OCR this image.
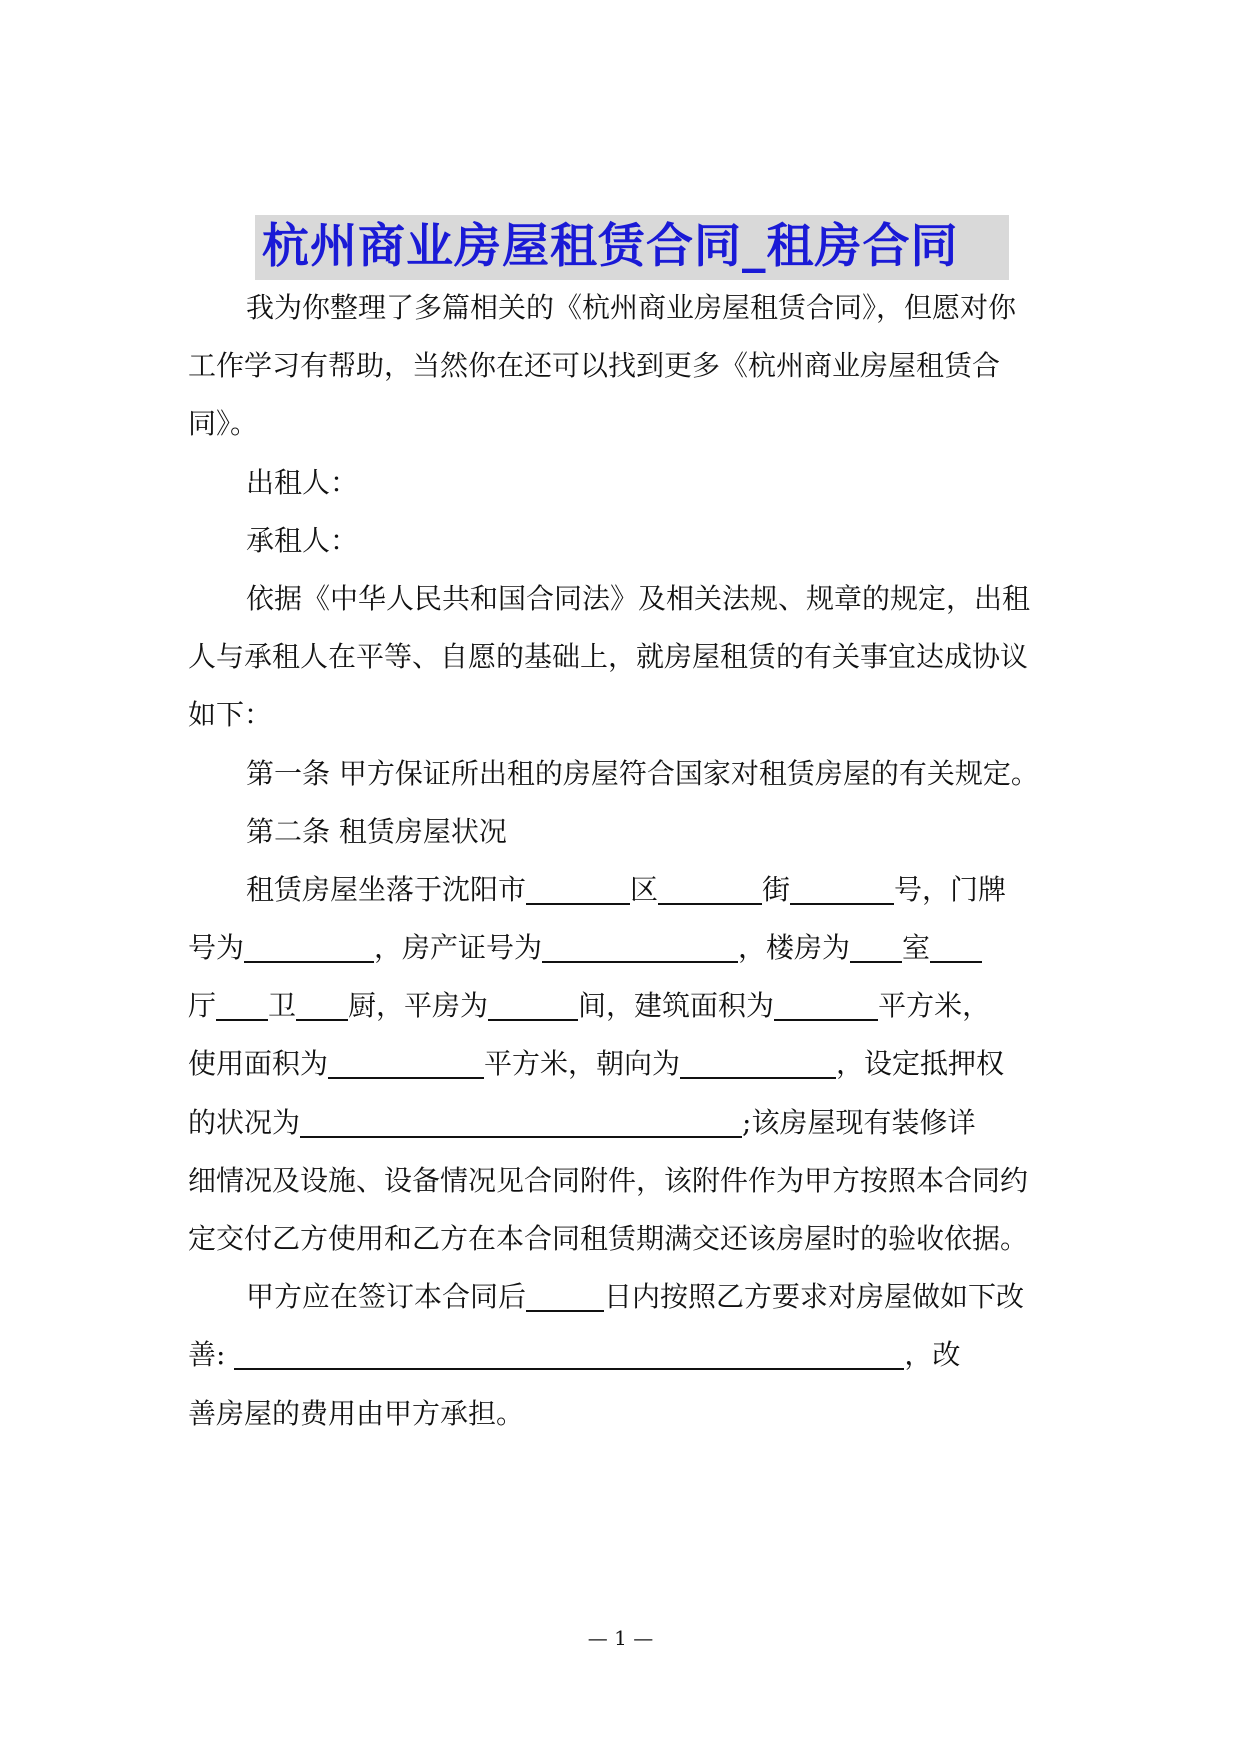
杭州商业房屋租赁合同_租房合同
我为你整理了多篇相关的《杭州商业房屋租赁合同》，但愿对你
工作学习有帮助，当然你在还可以找到更多《杭州商业房屋租赁合
同》。
出租人：
承租人：
依据《中华人民共和国合同法》及相关法规、规章的规定，出租
人与承租人在平等、自愿的基础上，就房屋租赁的有关事宜达成协议
如下：
第一条 甲方保证所出租的房屋符合国家对租赁房屋的有关规定。
第二条 租赁房屋状况
租赁房屋坐落于沈阳市	区	街	号，门牌
号为	，房产证号为	，楼房为 室
厅 卫 厨，平房为	间，建筑面积为	平方米，
使用面积为	平方米，朝向为	，设定抵押权
的状况为	;该房屋现有装修详
细情况及设施、设备情况见合同附件，该附件作为甲方按照本合同约
定交付乙方使用和乙方在本合同租赁期满交还该房屋时的验收依据。
甲方应在签订本合同后	日内按照乙方要求对房屋做如下改
善:	，改
善房屋的费用由甲方承担。
— 1 —
